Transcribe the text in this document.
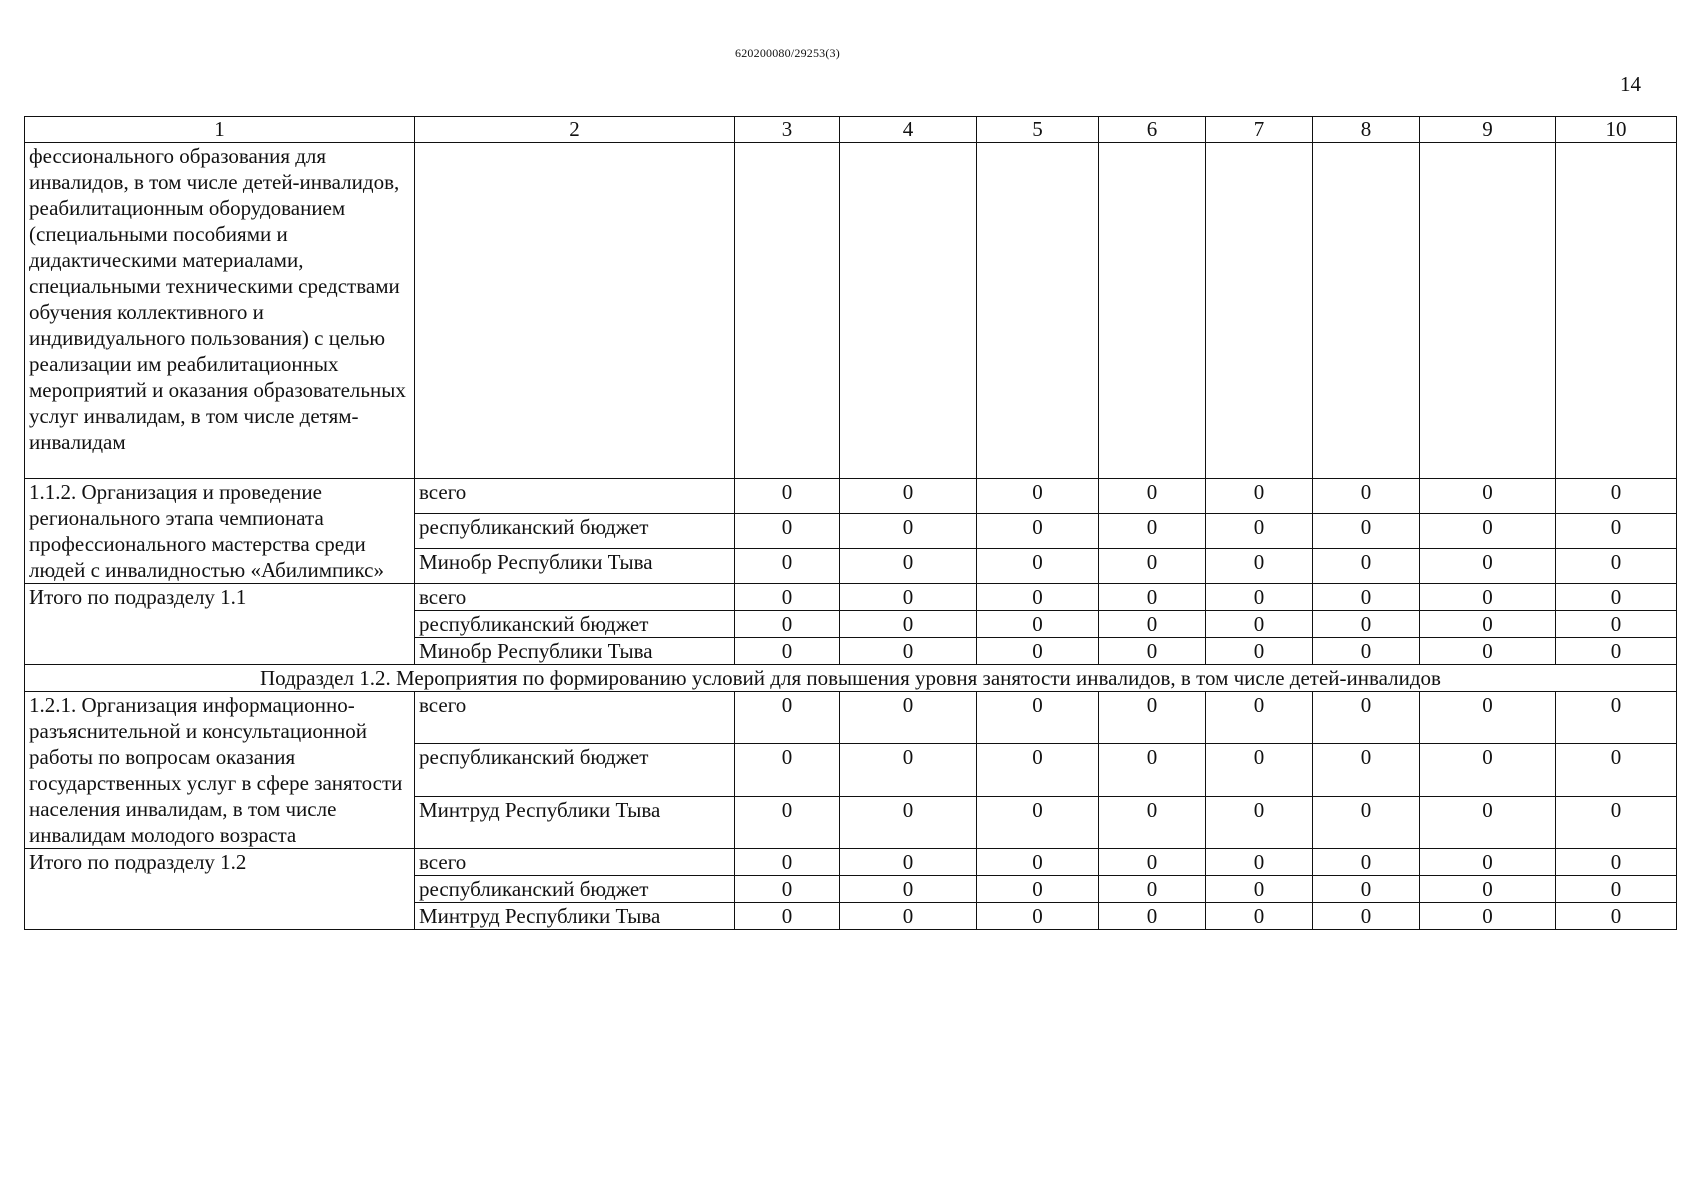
620200080/29253(3)
14
1	2	3	4	5	6	7	8	9	10
фессионального образования для инвалидов, в том числе детей-инвалидов, реабилитационным оборудованием (специальными пособиями и дидактическими материалами, специальными техническими средствами обучения коллективного и индивидуального пользования) с целью реализации им реабилитационных мероприятий и оказания образовательных услуг инвалидам, в том числе детям-инвалидам									
1.1.2. Организация и проведение регионального этапа чемпионата профессионального мастерства среди людей с инвалидностью «Абилимпикс»	всего	0	0	0	0	0	0	0	0
	республиканский бюджет	0	0	0	0	0	0	0	0
	Минобр Республики Тыва	0	0	0	0	0	0	0	0
Итого по подразделу 1.1	всего	0	0	0	0	0	0	0	0
	республиканский бюджет	0	0	0	0	0	0	0	0
	Минобр Республики Тыва	0	0	0	0	0	0	0	0
Подраздел 1.2. Мероприятия по формированию условий для повышения уровня занятости инвалидов, в том числе детей-инвалидов									
1.2.1. Организация информационно-разъяснительной и консультационной работы по вопросам оказания государственных услуг в сфере занятости населения инвалидам, в том числе инвалидам молодого возраста	всего	0	0	0	0	0	0	0	0
	республиканский бюджет	0	0	0	0	0	0	0	0
	Минтруд Республики Тыва	0	0	0	0	0	0	0	0
Итого по подразделу 1.2	всего	0	0	0	0	0	0	0	0
	республиканский бюджет	0	0	0	0	0	0	0	0
	Минтруд Республики Тыва	0	0	0	0	0	0	0	0
